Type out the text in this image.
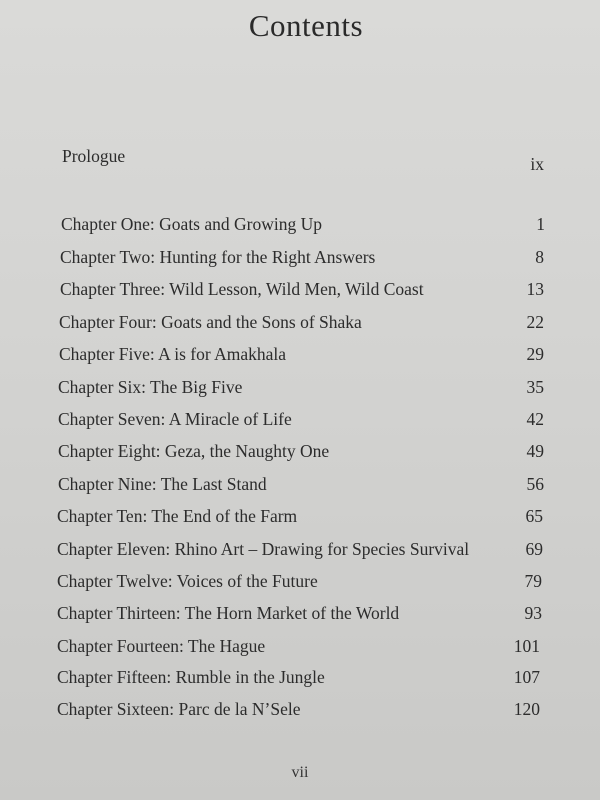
Contents
Prologue	ix
Chapter One: Goats and Growing Up	1
Chapter Two: Hunting for the Right Answers	8
Chapter Three: Wild Lesson, Wild Men, Wild Coast	13
Chapter Four: Goats and the Sons of Shaka	22
Chapter Five: A is for Amakhala	29
Chapter Six: The Big Five	35
Chapter Seven: A Miracle of Life	42
Chapter Eight: Geza, the Naughty One	49
Chapter Nine: The Last Stand	56
Chapter Ten: The End of the Farm	65
Chapter Eleven: Rhino Art – Drawing for Species Survival	69
Chapter Twelve: Voices of the Future	79
Chapter Thirteen: The Horn Market of the World	93
Chapter Fourteen: The Hague	101
Chapter Fifteen: Rumble in the Jungle	107
Chapter Sixteen: Parc de la N’Sele	120
vii
